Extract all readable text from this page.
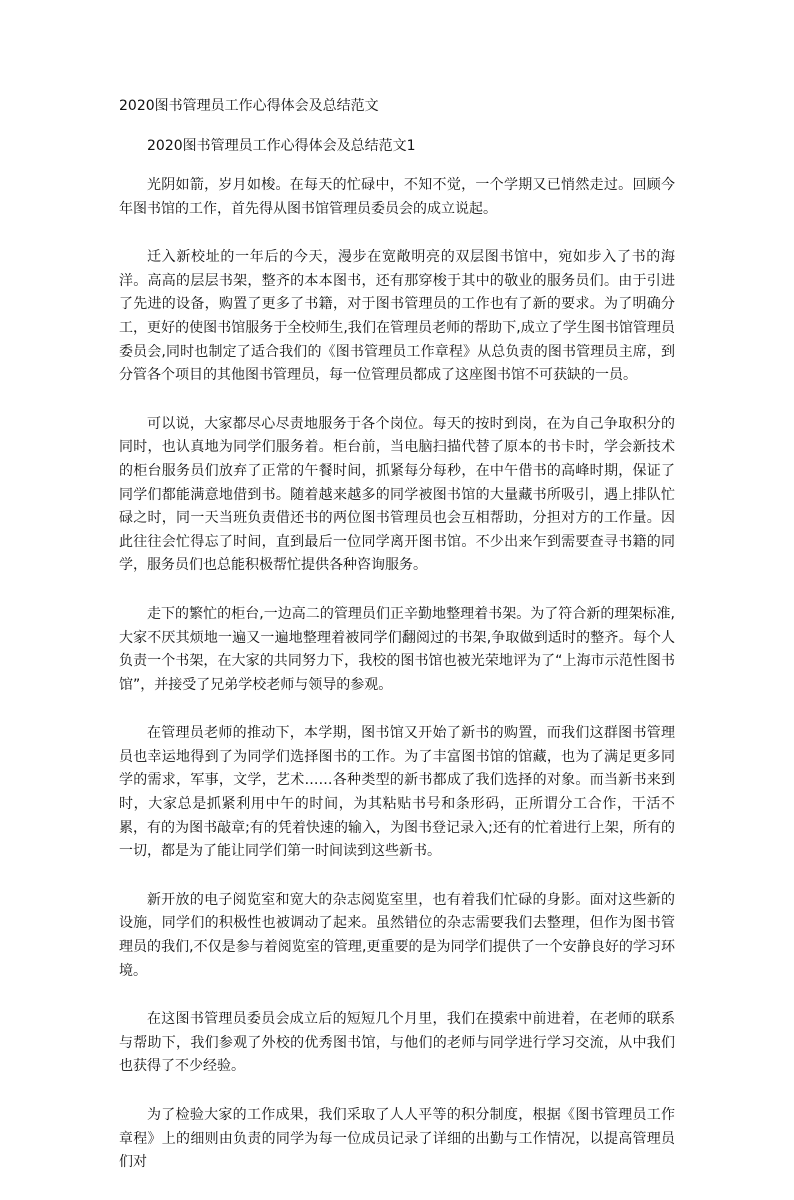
2020图书管理员工作心得体会及总结范文
2020图书管理员工作心得体会及总结范文1

光阴如箭，岁月如梭。在每天的忙碌中，不知不觉，一个学期又已悄然走过。回顾今年图书馆的工作，首先得从图书馆管理员委员会的成立说起。

迁入新校址的一年后的今天，漫步在宽敞明亮的双层图书馆中，宛如步入了书的海洋。高高的层层书架，整齐的本本图书，还有那穿梭于其中的敬业的服务员们。由于引进了先进的设备，购置了更多了书籍，对于图书管理员的工作也有了新的要求。为了明确分工，更好的使图书馆服务于全校师生,我们在管理员老师的帮助下,成立了学生图书馆管理员委员会,同时也制定了适合我们的《图书管理员工作章程》从总负责的图书管理员主席，到分管各个项目的其他图书管理员，每一位管理员都成了这座图书馆不可获缺的一员。

可以说，大家都尽心尽责地服务于各个岗位。每天的按时到岗，在为自己争取积分的同时，也认真地为同学们服务着。柜台前，当电脑扫描代替了原本的书卡时，学会新技术的柜台服务员们放弃了正常的午餐时间，抓紧每分每秒，在中午借书的高峰时期，保证了同学们都能满意地借到书。随着越来越多的同学被图书馆的大量藏书所吸引，遇上排队忙碌之时，同一天当班负责借还书的两位图书管理员也会互相帮助，分担对方的工作量。因此往往会忙得忘了时间，直到最后一位同学离开图书馆。不少出来乍到需要查寻书籍的同学，服务员们也总能积极帮忙提供各种咨询服务。

走下的繁忙的柜台,一边高二的管理员们正辛勤地整理着书架。为了符合新的理架标准,大家不厌其烦地一遍又一遍地整理着被同学们翻阅过的书架,争取做到适时的整齐。每个人负责一个书架，在大家的共同努力下，我校的图书馆也被光荣地评为了“上海市示范性图书馆”，并接受了兄弟学校老师与领导的参观。

在管理员老师的推动下，本学期，图书馆又开始了新书的购置，而我们这群图书管理员也幸运地得到了为同学们选择图书的工作。为了丰富图书馆的馆藏，也为了满足更多同学的需求，军事，文学，艺术……各种类型的新书都成了我们选择的对象。而当新书来到时，大家总是抓紧利用中午的时间，为其粘贴书号和条形码，正所谓分工合作，干活不累，有的为图书敲章;有的凭着快速的输入，为图书登记录入;还有的忙着进行上架，所有的一切，都是为了能让同学们第一时间读到这些新书。

新开放的电子阅览室和宽大的杂志阅览室里，也有着我们忙碌的身影。面对这些新的设施，同学们的积极性也被调动了起来。虽然错位的杂志需要我们去整理，但作为图书管理员的我们,不仅是参与着阅览室的管理,更重要的是为同学们提供了一个安静良好的学习环境。

在这图书管理员委员会成立后的短短几个月里，我们在摸索中前进着，在老师的联系与帮助下，我们参观了外校的优秀图书馆，与他们的老师与同学进行学习交流，从中我们也获得了不少经验。

为了检验大家的工作成果，我们采取了人人平等的积分制度，根据《图书管理员工作章程》上的细则由负责的同学为每一位成员记录了详细的出勤与工作情况，以提高管理员们对
